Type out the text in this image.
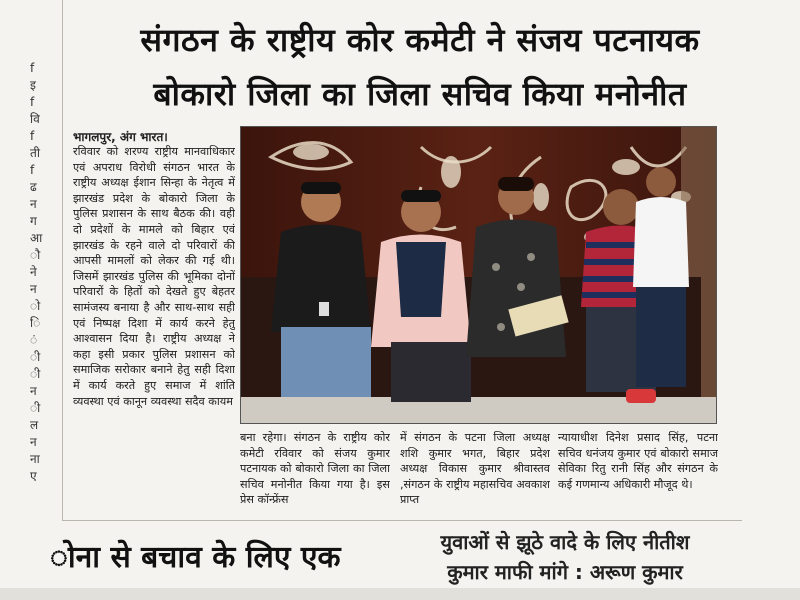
f
इ
f
वि
f
ती
f
ढ
न
ग
आ
ौ
ने
न
ो
ि
ं
ी
ी
न
ी
ल
न
ना
ए
संगठन के राष्ट्रीय कोर कमेटी ने संजय पटनायक
बोकारो जिला का जिला सचिव किया मनोनीत
भागलपुर, अंग भारत।
रविवार को शरण्य राष्ट्रीय मानवाधिकार एवं अपराध विरोधी संगठन भारत के राष्ट्रीय अध्यक्ष ईशान सिन्हा के नेतृत्व में झारखंड प्रदेश के बोकारो जिला के पुलिस प्रशासन के साथ बैठक की। वही दो प्रदेशों के मामले को बिहार एवं झारखंड के रहने वाले दो परिवारों की आपसी मामलों को लेकर की गई थी। जिसमें झारखंड पुलिस की भूमिका दोनों परिवारों के हितों को देखते हुए बेहतर सामंजस्य बनाया है और साथ-साथ सही एवं निष्पक्ष दिशा में कार्य करने हेतु आश्वासन दिया है। राष्ट्रीय अध्यक्ष ने कहा इसी प्रकार पुलिस प्रशासन को समाजिक सरोकार बनाने हेतु सही दिशा में कार्य करते हुए समाज में शांति व्यवस्था एवं कानून व्यवस्था सदैव कायम
बना रहेगा। संगठन के राष्ट्रीय कोर कमेटी रविवार को संजय कुमार पटनायक को बोकारो जिला का जिला सचिव मनोनीत किया गया है। इस प्रेस कॉन्फ्रेंस
में संगठन के पटना जिला अध्यक्ष शशि कुमार भगत, बिहार प्रदेश अध्यक्ष विकास कुमार श्रीवास्तव ,संगठन के राष्ट्रीय महासचिव अवकाश प्राप्त
न्यायाधीश दिनेश प्रसाद सिंह, पटना सचिव धनंजय कुमार एवं बोकारो समाज सेविका रितु रानी सिंह और संगठन के कई गणमान्य अधिकारी मौजूद थे।
ोना से बचाव के लिए एक	युवाओं से झूठे वादे के लिए नीतीश
कुमार माफी मांगे : अरूण कुमार
